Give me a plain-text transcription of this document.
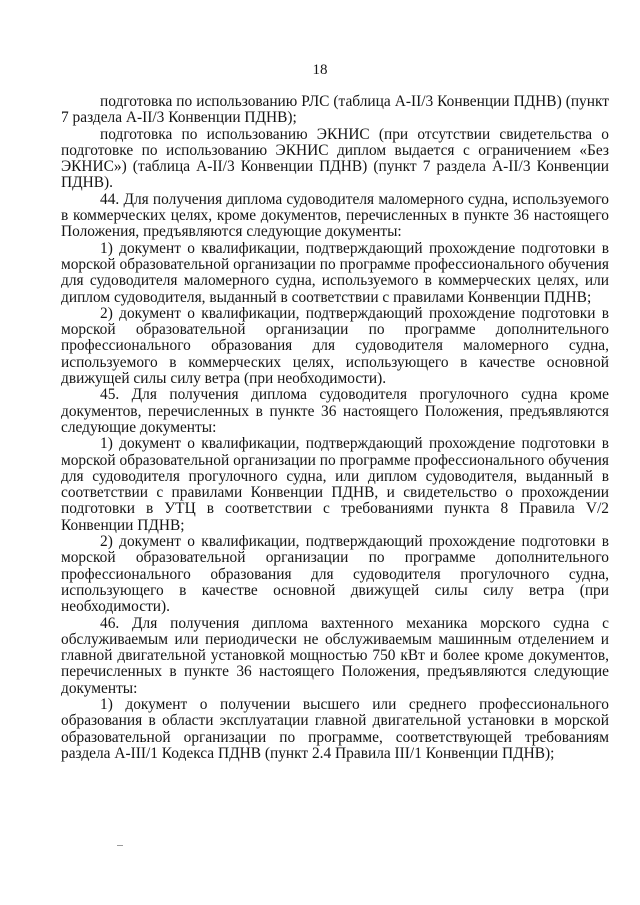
18

подготовка по использованию РЛС (таблица A-II/3 Конвенции ПДНВ) (пункт 7 раздела A-II/3 Конвенции ПДНВ);

подготовка по использованию ЭКНИС (при отсутствии свидетельства о подготовке по использованию ЭКНИС диплом выдается с ограничением «Без ЭКНИС») (таблица A-II/3 Конвенции ПДНВ) (пункт 7 раздела A-II/3 Конвенции ПДНВ).

44. Для получения диплома судоводителя маломерного судна, используемого в коммерческих целях, кроме документов, перечисленных в пункте 36 настоящего Положения, предъявляются следующие документы:

1) документ о квалификации, подтверждающий прохождение подготовки в морской образовательной организации по программе профессионального обучения для судоводителя маломерного судна, используемого в коммерческих целях, или диплом судоводителя, выданный в соответствии с правилами Конвенции ПДНВ;

2) документ о квалификации, подтверждающий прохождение подготовки в морской образовательной организации по программе дополнительного профессионального образования для судоводителя маломерного судна, используемого в коммерческих целях, использующего в качестве основной движущей силы силу ветра (при необходимости).

45. Для получения диплома судоводителя прогулочного судна кроме документов, перечисленных в пункте 36 настоящего Положения, предъявляются следующие документы:

1) документ о квалификации, подтверждающий прохождение подготовки в морской образовательной организации по программе профессионального обучения для судоводителя прогулочного судна, или диплом судоводителя, выданный в соответствии с правилами Конвенции ПДНВ, и свидетельство о прохождении подготовки в УТЦ в соответствии с требованиями пункта 8 Правила V/2 Конвенции ПДНВ;

2) документ о квалификации, подтверждающий прохождение подготовки в морской образовательной организации по программе дополнительного профессионального образования для судоводителя прогулочного судна, использующего в качестве основной движущей силы силу ветра (при необходимости).

46. Для получения диплома вахтенного механика морского судна с обслуживаемым или периодически не обслуживаемым машинным отделением и главной двигательной установкой мощностью 750 кВт и более кроме документов, перечисленных в пункте 36 настоящего Положения, предъявляются следующие документы:

1) документ о получении высшего или среднего профессионального образования в области эксплуатации главной двигательной установки в морской образовательной организации по программе, соответствующей требованиям раздела A-III/1 Кодекса ПДНВ (пункт 2.4 Правила III/1 Конвенции ПДНВ);
